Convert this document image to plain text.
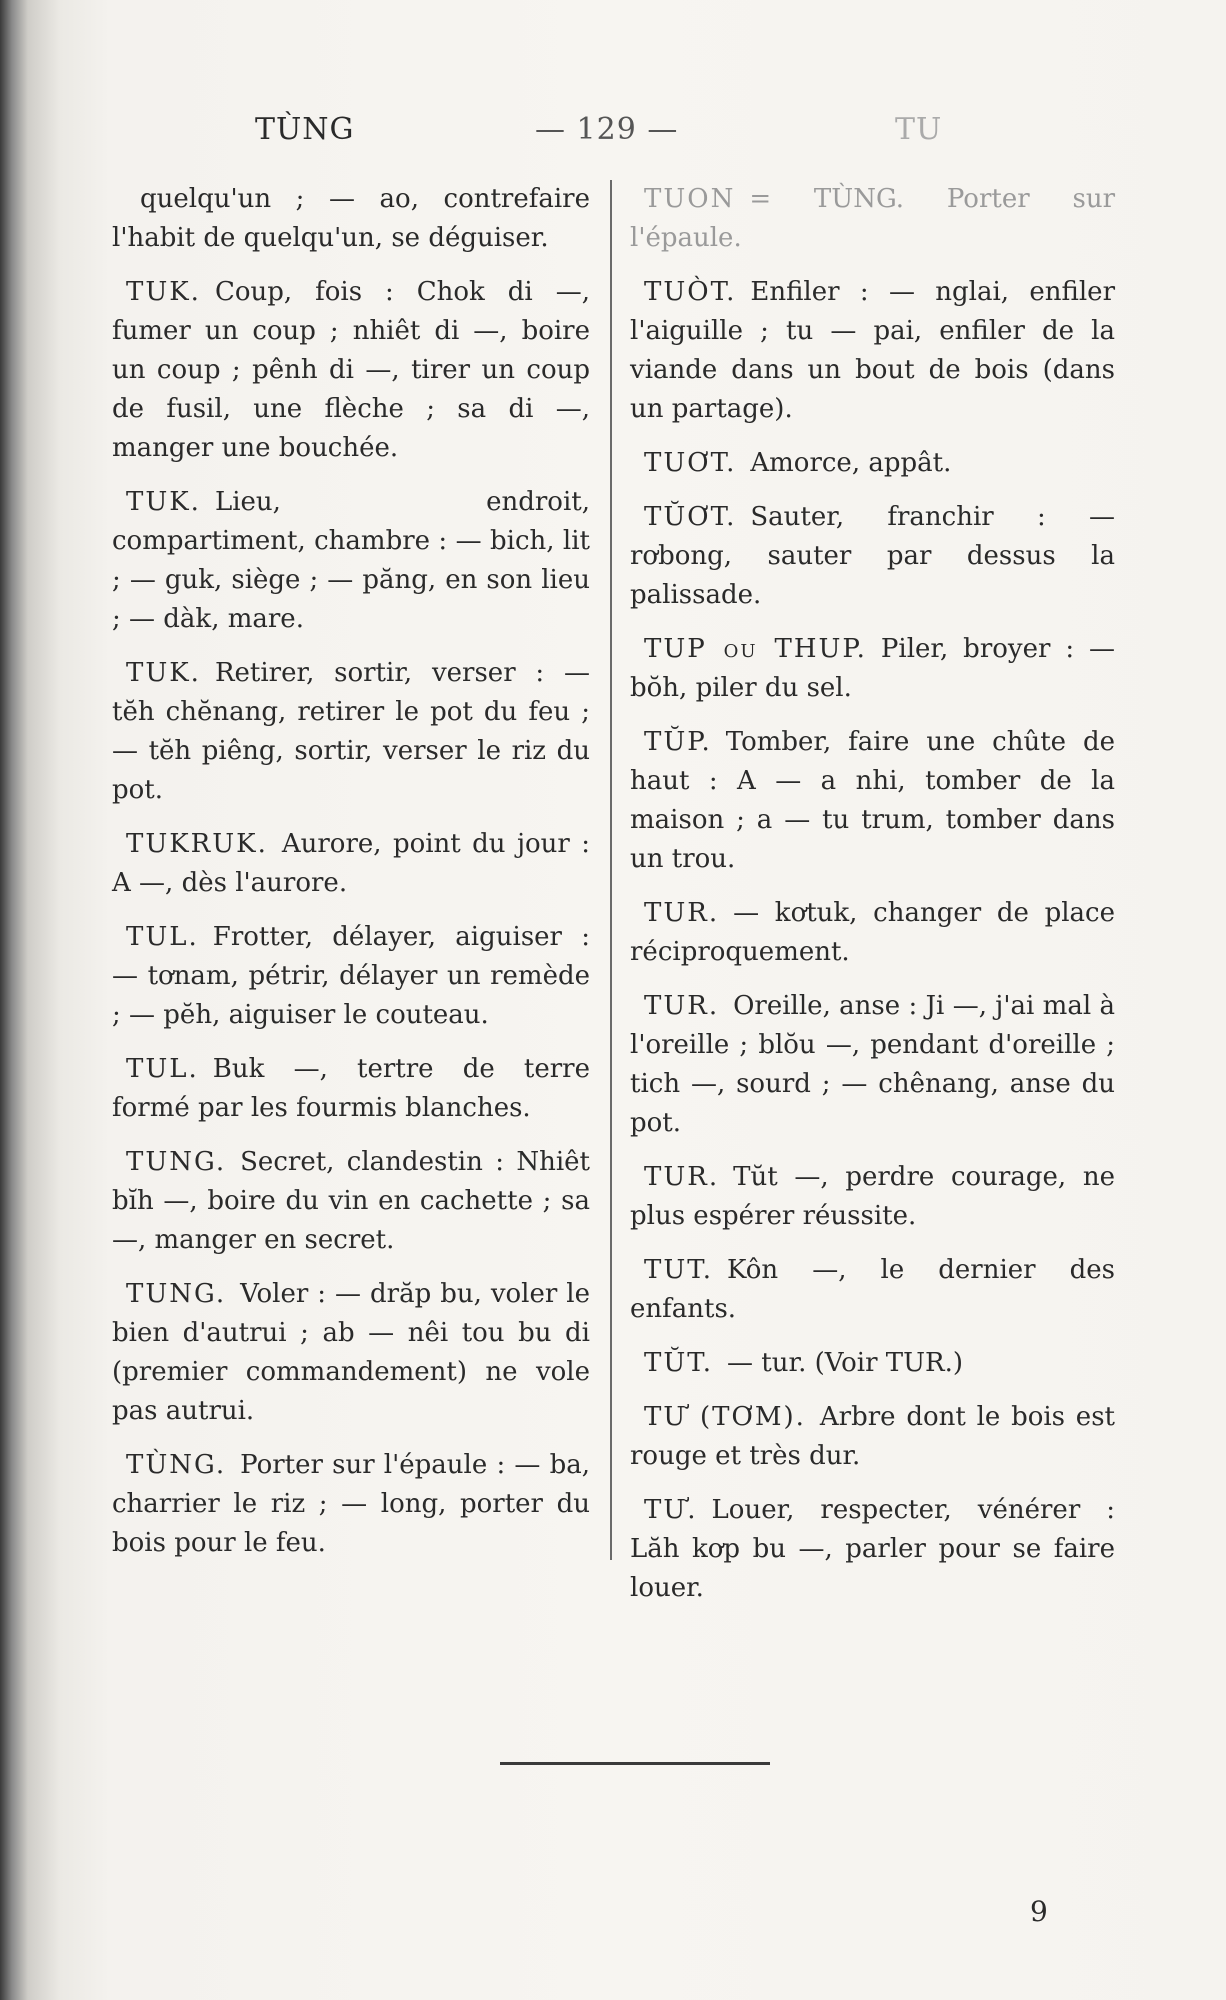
TÙNG	— 129 —	TU

quelqu'un ; — ao, contrefaire l'habit de quelqu'un, se déguiser.

TUK. Coup, fois : Chok di —, fumer un coup ; nhiêt di —, boire un coup ; pênh di —, tirer un coup de fusil, une flèche ; sa di —, manger une bouchée.

TUK. Lieu, endroit, compartiment, chambre : — bich, lit ; — guk, siège ; — păng, en son lieu ; — dàk, mare.

TUK. Retirer, sortir, verser : — tĕh chĕnang, retirer le pot du feu ; — tĕh piêng, sortir, verser le riz du pot.

TUKRUK. Aurore, point du jour : A —, dès l'aurore.

TUL. Frotter, délayer, aiguiser : — tơnam, pétrir, délayer un remède ; — pĕh, aiguiser le couteau.

TUL. Buk —, tertre de terre formé par les fourmis blanches.

TUNG. Secret, clandestin : Nhiêt bĭh —, boire du vin en cachette ; sa —, manger en secret.

TUNG. Voler : — drăp bu, voler le bien d'autrui ; ab — nêi tou bu di (premier commandement) ne vole pas autrui.

TÙNG. Porter sur l'épaule : — ba, charrier le riz ; — long, porter du bois pour le feu.

TUON = TÙNG. Porter sur l'épaule.

TUÒT. Enfiler : — nglai, enfiler l'aiguille ; tu — pai, enfiler de la viande dans un bout de bois (dans un partage).

TUƠT. Amorce, appât.

TŬƠT. Sauter, franchir : — rơbong, sauter par dessus la palissade.

TUP ou THUP. Piler, broyer : — bŏh, piler du sel.

TŬP. Tomber, faire une chûte de haut : A — a nhi, tomber de la maison ; a — tu trum, tomber dans un trou.

TUR. — kơtuk, changer de place réciproquement.

TUR. Oreille, anse : Ji —, j'ai mal à l'oreille ; blŏu —, pendant d'oreille ; tich —, sourd ; — chênang, anse du pot.

TUR. Tŭt —, perdre courage, ne plus espérer réussite.

TUT. Kôn —, le dernier des enfants.

TŬT. — tur. (Voir TUR.)

TƯ (TƠM). Arbre dont le bois est rouge et très dur.

TƯ. Louer, respecter, vénérer : Lăh kơp bu —, parler pour se faire louer.

9
